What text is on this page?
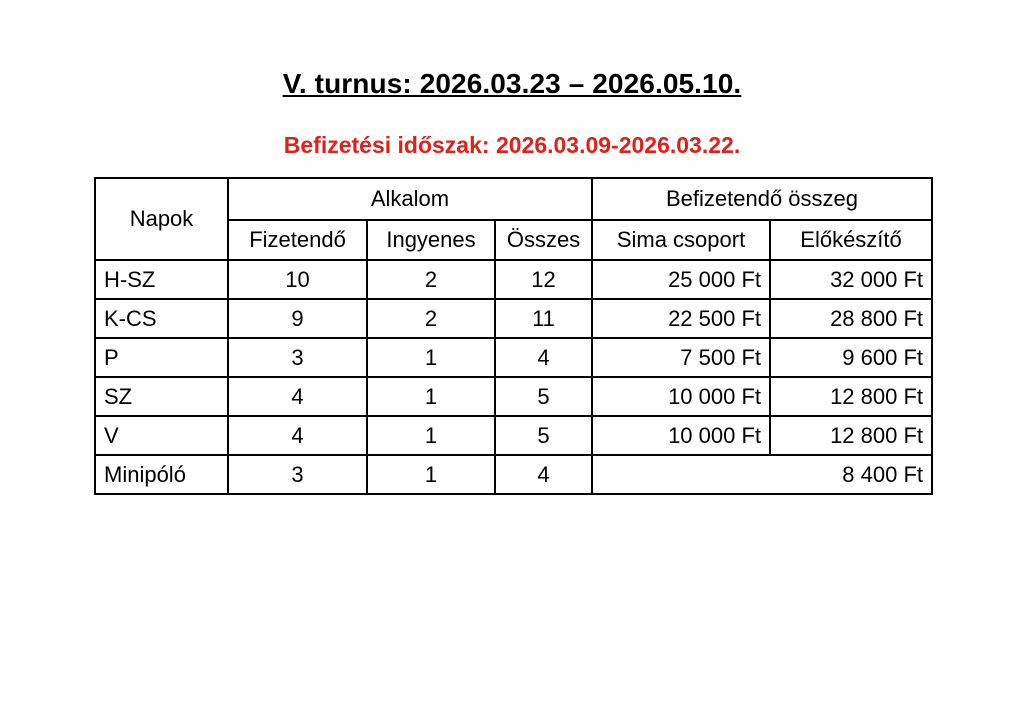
V. turnus: 2026.03.23 – 2026.05.10.
Befizetési időszak: 2026.03.09-2026.03.22.
Napok	Alkalom			Befizetendő összeg	
	Fizetendő	Ingyenes	Összes	Sima csoport	Előkészítő
H-SZ	10	2	12	25 000 Ft	32 000 Ft
K-CS	9	2	11	22 500 Ft	28 800 Ft
P	3	1	4	7 500 Ft	9 600 Ft
SZ	4	1	5	10 000 Ft	12 800 Ft
V	4	1	5	10 000 Ft	12 800 Ft
Minipóló	3	1	4	8 400 Ft	
